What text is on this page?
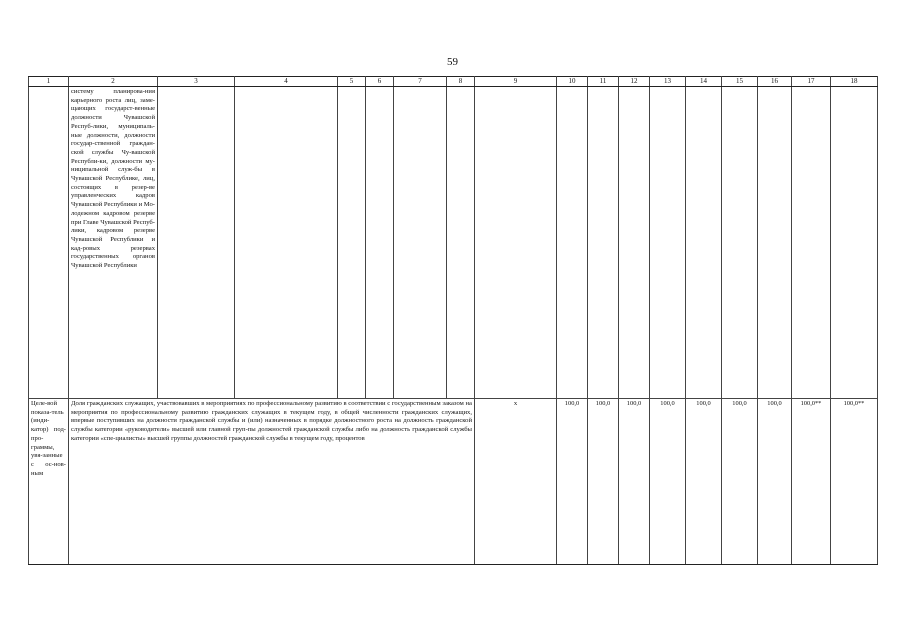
59
1	2	3	4	5	6	7	8	9	10	11	12	13	14	15	16	17	18
	систему планирова-ния карьерного роста лиц, заме-щающих государст-венные должности Чувашской Респуб-лики, муниципаль-ные должности, должности государ-ственной граждан-ской службы Чу-вашской Республи-ки, должности му-ниципальной служ-бы в Чувашской Республике, лиц, состоящих в резер-ве управленческих кадров Чувашской Республики и Мо-лодежном кадровом резерве при Главе Чувашской Респуб-лики, кадровом резерве Чувашской Республики и кад-ровых резервах государственных органов Чувашской Республики																
Целе-вой показа-тель (инди-катор) под-про-граммы, увя-занные с ос-нов-ным	Доля гражданских служащих, участвовавших в мероприятиях по профессиональному развитию в соответствии с государственным заказом на мероприятия по профессиональному развитию гражданских служащих в текущем году, в общей численности гражданских служащих, впервые поступивших на должности гражданской службы и (или) назначенных в порядке должностного роста на должность гражданской службы категории «руководители» высшей или главной груп-пы должностей гражданской службы либо на должность гражданской службы категории «спе-циалисты» высшей группы должностей гражданской службы в текущем году, процентов							х	100,0	100,0	100,0	100,0	100,0	100,0	100,0	100,0**	100,0**
